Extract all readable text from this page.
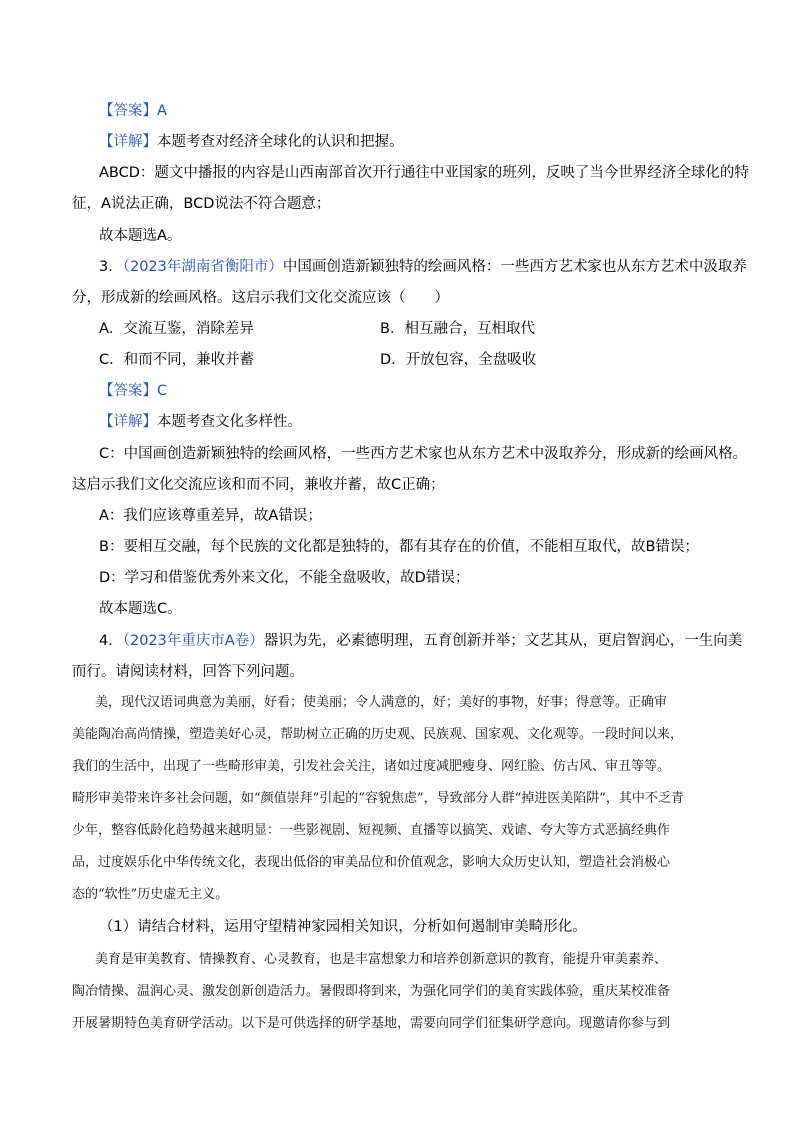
【答案】A
【详解】本题考查对经济全球化的认识和把握。
ABCD：题文中播报的内容是山西南部首次开行通往中亚国家的班列，反映了当今世界经济全球化的特
征，A说法正确，BCD说法不符合题意；
故本题选A。
3．（2023年湖南省衡阳市）中国画创造新颖独特的绘画风格：一些西方艺术家也从东方艺术中汲取养
分，形成新的绘画风格。这启示我们文化交流应该（　　）
A．交流互鉴，消除差异	B．相互融合，互相取代
C．和而不同，兼收并蓄	D．开放包容，全盘吸收
【答案】C
【详解】本题考查文化多样性。
C：中国画创造新颖独特的绘画风格，一些西方艺术家也从东方艺术中汲取养分，形成新的绘画风格。
这启示我们文化交流应该和而不同，兼收并蓄，故C正确；
A：我们应该尊重差异，故A错误；
B：要相互交融，每个民族的文化都是独特的，都有其存在的价值，不能相互取代，故B错误；
D：学习和借鉴优秀外来文化，不能全盘吸收，故D错误；
故本题选C。
4．（2023年重庆市A卷）器识为先，必素德明理，五育创新并举；文艺其从，更启智润心，一生向美
而行。请阅读材料，回答下列问题。
美，现代汉语词典意为美丽，好看；使美丽；令人满意的，好；美好的事物，好事；得意等。正确审
美能陶冶高尚情操，塑造美好心灵，帮助树立正确的历史观、民族观、国家观、文化观等。一段时间以来，
我们的生活中，出现了一些畸形审美，引发社会关注，诸如过度减肥瘦身、网红脸、仿古风、审丑等等。
畸形审美带来许多社会问题，如“颜值崇拜”引起的“容貌焦虑”，导致部分人群“掉进医美陷阱”，其中不乏青
少年，整容低龄化趋势越来越明显：一些影视剧、短视频、直播等以搞笑、戏谑、夸大等方式恶搞经典作
品，过度娱乐化中华传统文化，表现出低俗的审美品位和价值观念，影响大众历史认知，塑造社会消极心
态的“软性”历史虚无主义。
（1）请结合材料，运用守望精神家园相关知识，分析如何遏制审美畸形化。
美育是审美教育、情操教育、心灵教育，也是丰富想象力和培养创新意识的教育，能提升审美素养、
陶冶情操、温润心灵、激发创新创造活力。暑假即将到来，为强化同学们的美育实践体验，重庆某校准备
开展暑期特色美育研学活动。以下是可供选择的研学基地，需要向同学们征集研学意向。现邀请你参与到
